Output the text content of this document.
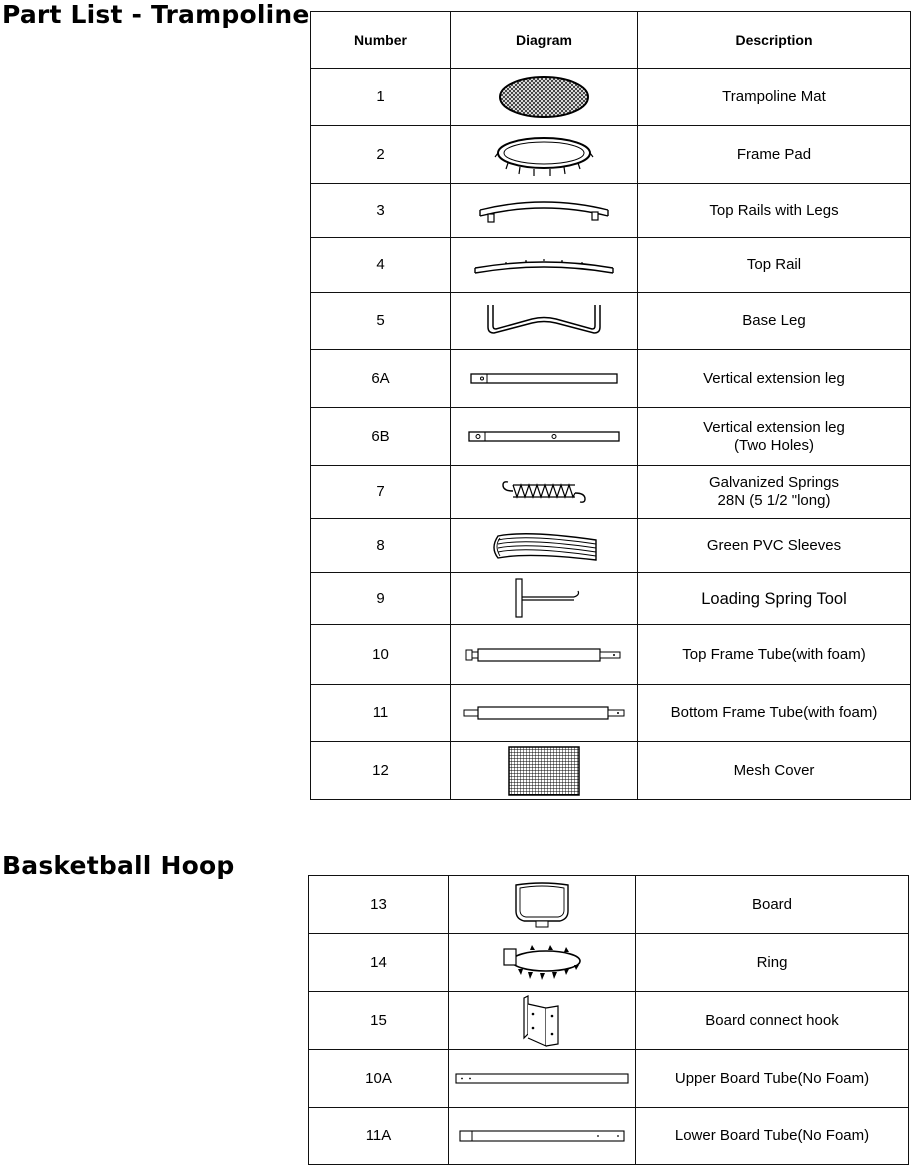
Part List - Trampoline
Number	Diagram	Description
1		Trampoline Mat
2		Frame Pad
3		Top Rails with Legs
4		Top Rail
5		Base Leg
6A		Vertical extension leg
6B		Vertical extension leg
(Two Holes)

7		Galvanized Springs
28N (5 1/2 "long)

8		Green PVC Sleeves
9		Loading Spring Tool
10		Top Frame Tube(with foam)
11		Bottom Frame Tube(with foam)
12		Mesh Cover
Basketball Hoop
13		Board
14		Ring
15		Board connect hook
10A		Upper Board Tube(No Foam)
11A		Lower Board Tube(No Foam)
